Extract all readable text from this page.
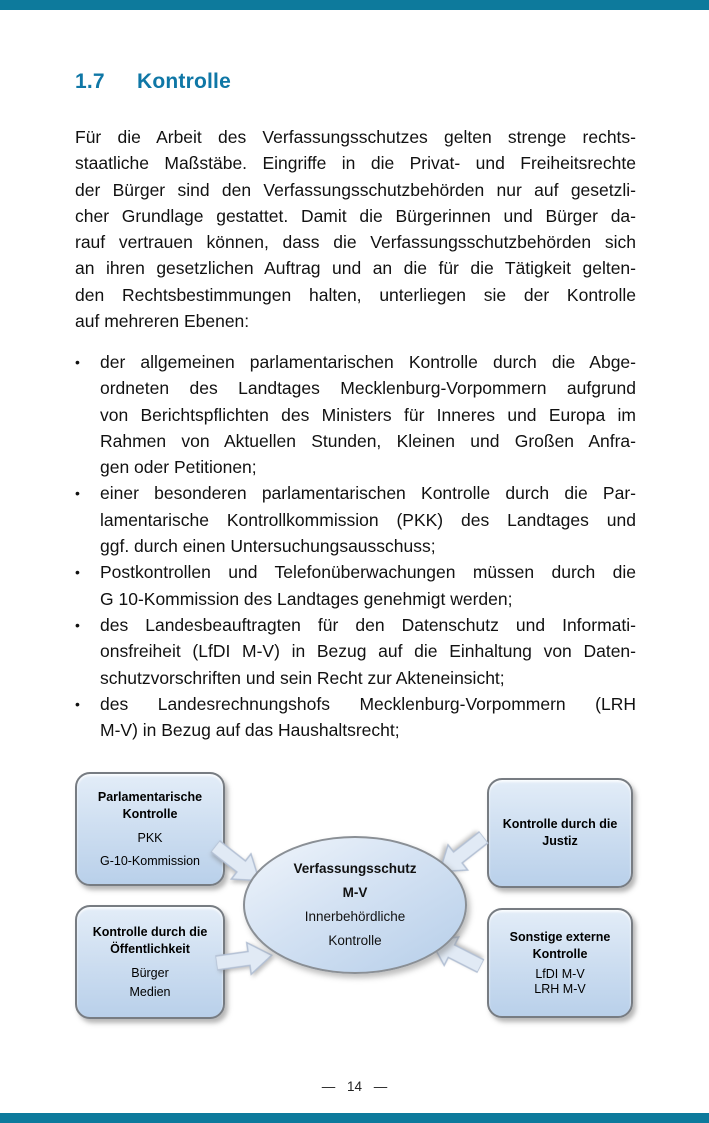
1.7	Kontrolle
Für die Arbeit des Verfassungsschutzes gelten strenge rechts-
staatliche Maßstäbe. Eingriffe in die Privat- und Freiheitsrechte
der Bürger sind den Verfassungsschutzbehörden nur auf gesetzli-
cher Grundlage gestattet. Damit die Bürgerinnen und Bürger da-
rauf vertrauen können, dass die Verfassungsschutzbehörden sich
an ihren gesetzlichen Auftrag und an die für die Tätigkeit gelten-
den Rechtsbestimmungen halten, unterliegen sie der Kontrolle
auf mehreren Ebenen:
•	der allgemeinen parlamentarischen Kontrolle durch die Abge-
ordneten des Landtages Mecklenburg-Vorpommern aufgrund
von Berichtspflichten des Ministers für Inneres und Europa im
Rahmen von Aktuellen Stunden, Kleinen und Großen Anfra-
gen oder Petitionen;
•	einer besonderen parlamentarischen Kontrolle durch die Par-
lamentarische Kontrollkommission (PKK) des Landtages und
ggf. durch einen Untersuchungsausschuss;
•	Postkontrollen und Telefonüberwachungen müssen durch die
G 10-Kommission des Landtages genehmigt werden;
•	des Landesbeauftragten für den Datenschutz und Informati-
onsfreiheit (LfDI M-V) in Bezug auf die Einhaltung von Daten-
schutzvorschriften und sein Recht zur Akteneinsicht;
•	des Landesrechnungshofs Mecklenburg-Vorpommern (LRH
M-V) in Bezug auf das Haushaltsrecht;
Parlamentarische
Kontrolle
PKK
G-10-Kommission
Kontrolle durch die
Justiz
Kontrolle durch die
Öffentlichkeit
Bürger
Medien
Sonstige externe
Kontrolle
LfDI M-V
LRH M-V
Verfassungsschutz
M-V
Innerbehördliche
Kontrolle
— 14 —
